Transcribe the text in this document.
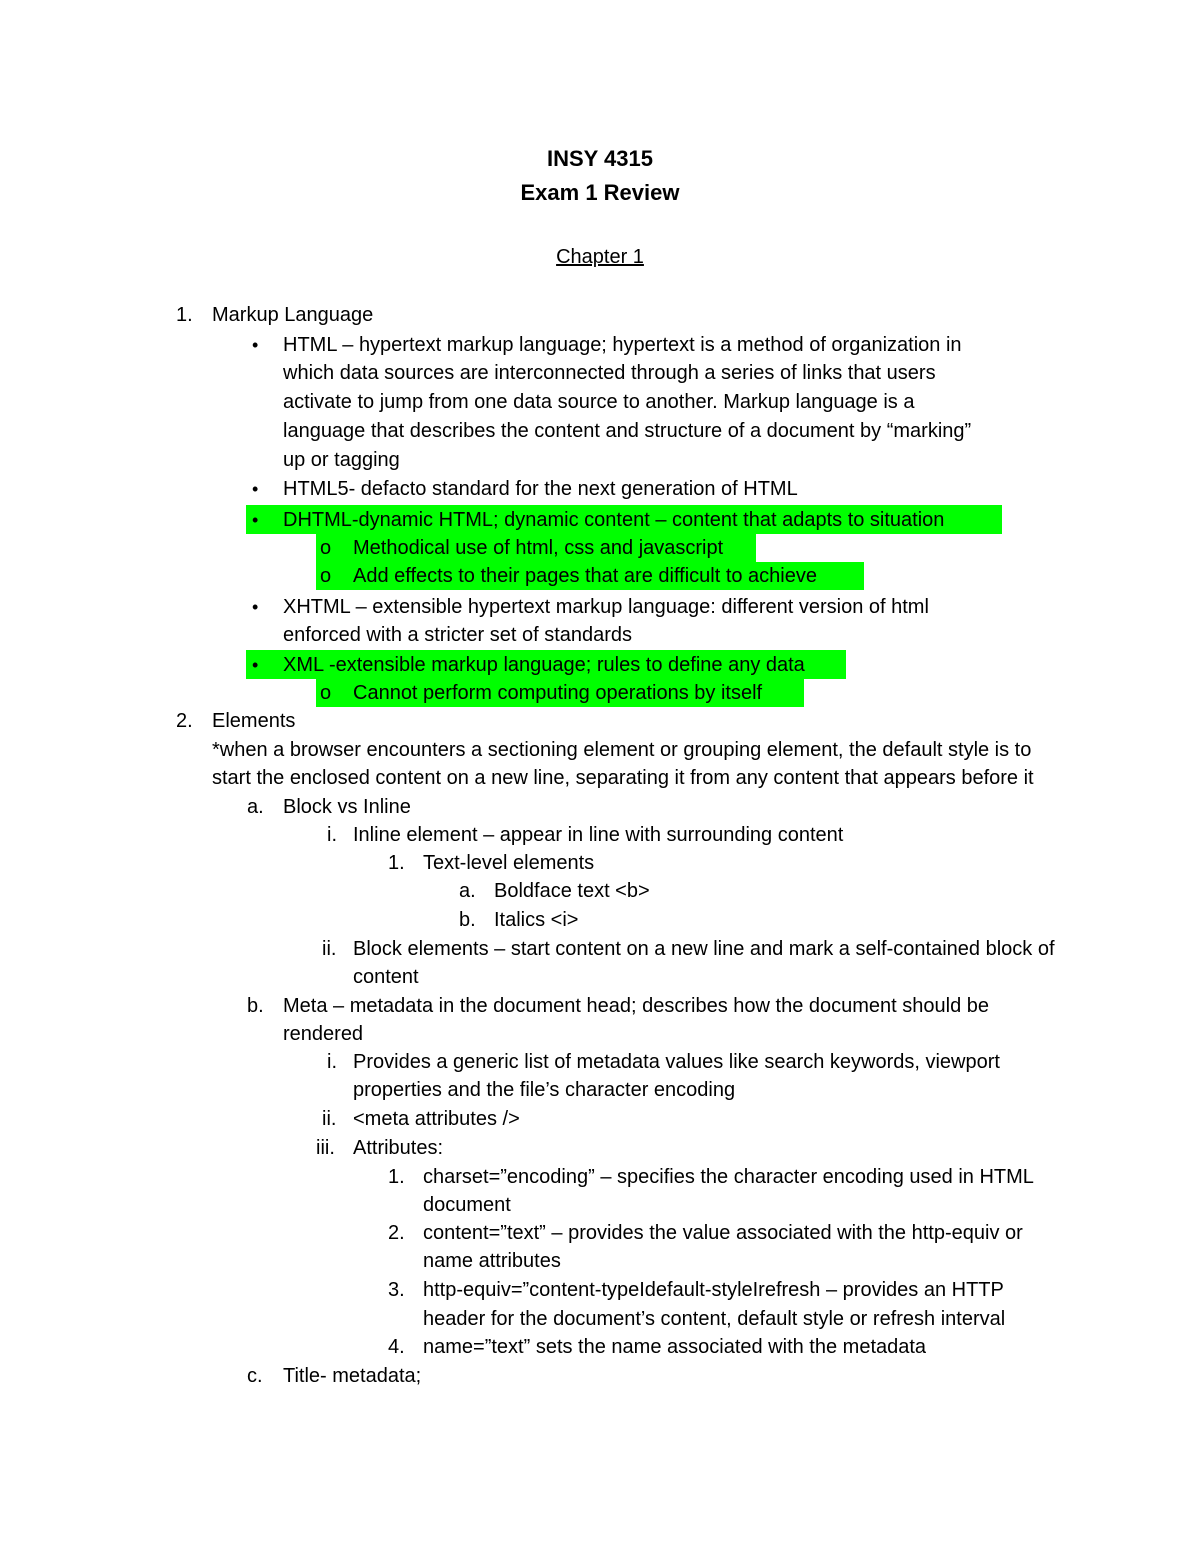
INSY 4315
Exam 1 Review
Chapter 1
1. Markup Language
• HTML – hypertext markup language; hypertext is a method of organization in
which data sources are interconnected through a series of links that users
activate to jump from one data source to another. Markup language is a
language that describes the content and structure of a document by “marking”
up or tagging
• HTML5- defacto standard for the next generation of HTML
• DHTML-dynamic HTML; dynamic content – content that adapts to situation
o Methodical use of html, css and javascript
o Add effects to their pages that are difficult to achieve
• XHTML – extensible hypertext markup language: different version of html
enforced with a stricter set of standards
• XML -extensible markup language; rules to define any data
o Cannot perform computing operations by itself
2. Elements
*when a browser encounters a sectioning element or grouping element, the default style is to
start the enclosed content on a new line, separating it from any content that appears before it
a. Block vs Inline
i. Inline element – appear in line with surrounding content
1. Text-level elements
a. Boldface text <b>
b. Italics <i>
ii. Block elements – start content on a new line and mark a self-contained block of
content
b. Meta – metadata in the document head; describes how the document should be
rendered
i. Provides a generic list of metadata values like search keywords, viewport
properties and the file’s character encoding
ii. <meta attributes />
iii. Attributes:
1. charset=”encoding” – specifies the character encoding used in HTML
document
2. content=”text” – provides the value associated with the http-equiv or
name attributes
3. http-equiv=”content-typeIdefault-styleIrefresh – provides an HTTP
header for the document’s content, default style or refresh interval
4. name=”text” sets the name associated with the metadata
c. Title- metadata;
